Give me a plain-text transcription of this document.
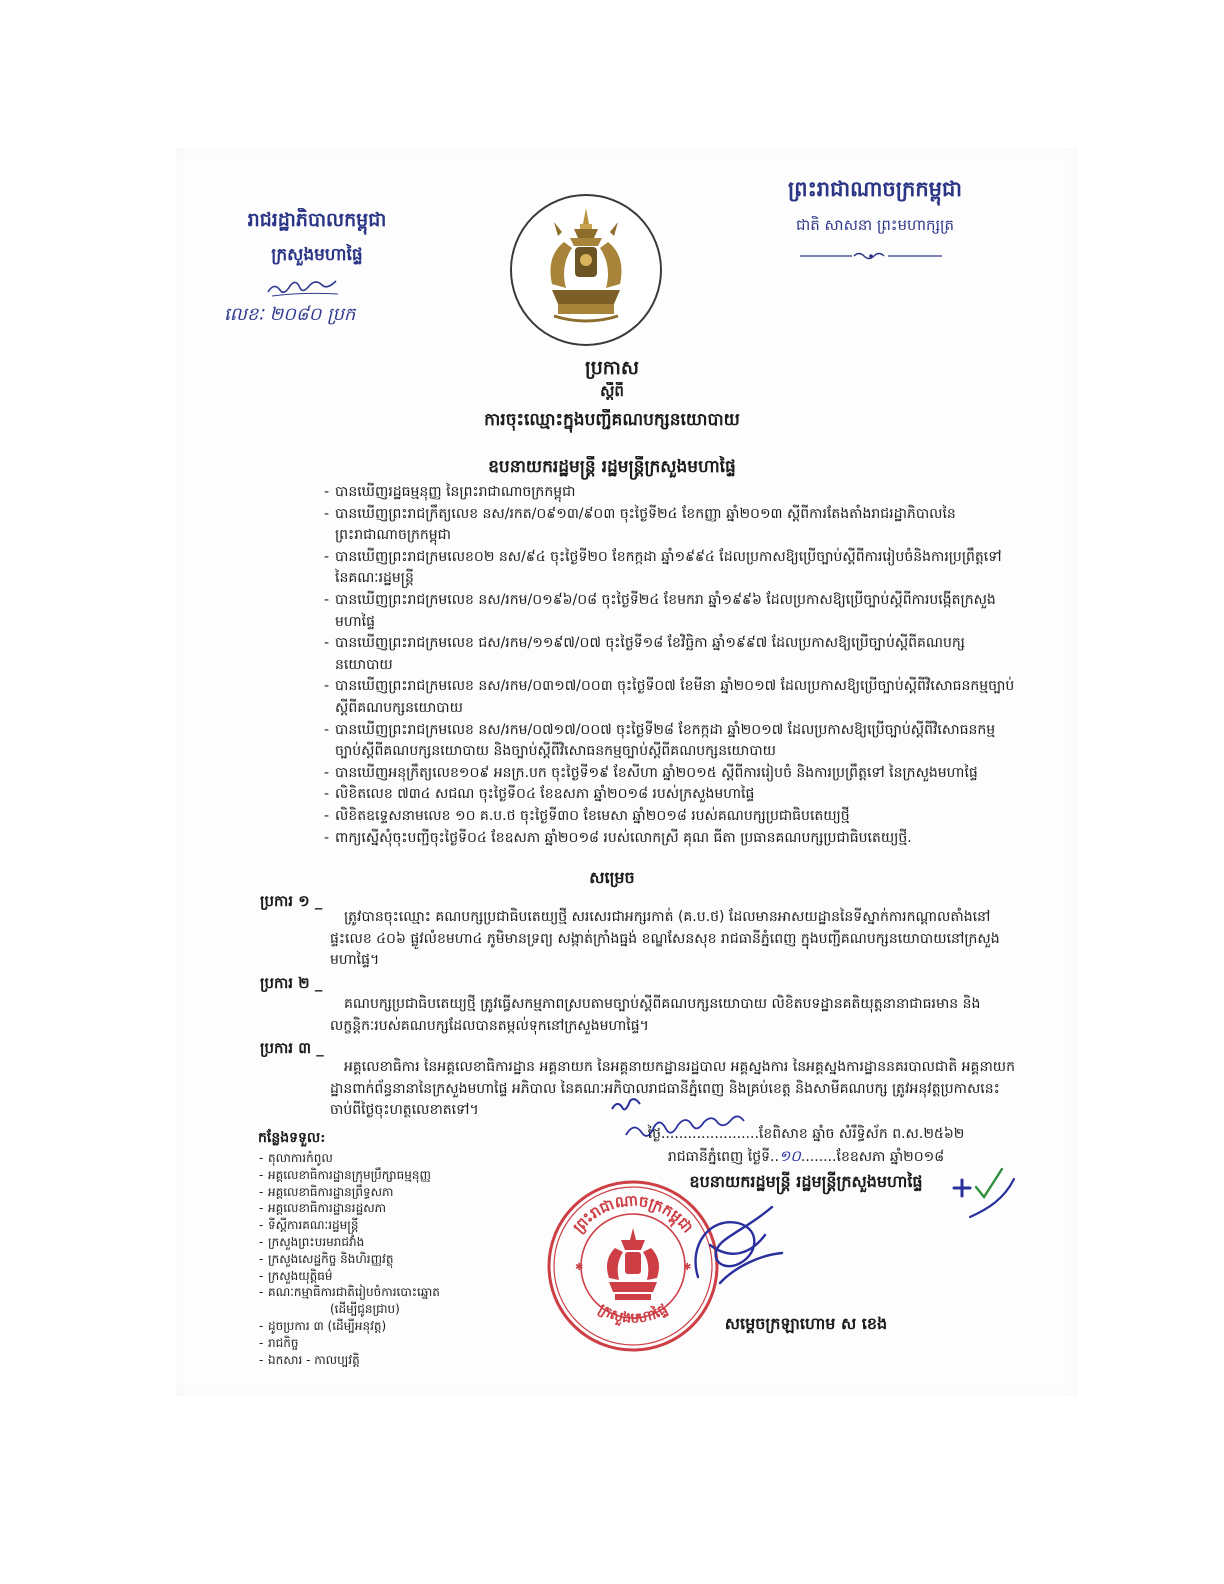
ព្រះរាជាណាចក្រកម្ពុជា
ជាតិ សាសនា ព្រះមហាក្សត្រ
រាជរដ្ឋាភិបាលកម្ពុជា
ក្រសួងមហាផ្ទៃ
លេខៈ ២០៨០ ប្រក
ប្រកាស
ស្តីពី
ការចុះឈ្មោះក្នុងបញ្ជីគណបក្សនយោបាយ
ឧបនាយករដ្ឋមន្ត្រី រដ្ឋមន្ត្រីក្រសួងមហាផ្ទៃ
- បានឃើញរដ្ឋធម្មនុញ្ញ នៃព្រះរាជាណាចក្រកម្ពុជា
- បានឃើញព្រះរាជក្រឹត្យលេខ នស/រកត/០៩១៣/៩០៣ ចុះថ្ងៃទី២៤ ខែកញ្ញា ឆ្នាំ២០១៣ ស្តីពីការតែងតាំងរាជរដ្ឋាភិបាលនៃព្រះរាជាណាចក្រកម្ពុជា
- បានឃើញព្រះរាជក្រមលេខ០២ នស/៩៤ ចុះថ្ងៃទី២០ ខែកក្កដា ឆ្នាំ១៩៩៤ ដែលប្រកាសឱ្យប្រើច្បាប់ស្តីពីការរៀបចំនិងការប្រព្រឹត្តទៅ នៃគណៈរដ្ឋមន្ត្រី
- បានឃើញព្រះរាជក្រមលេខ នស/រកម/០១៩៦/០៨ ចុះថ្ងៃទី២៤ ខែមករា ឆ្នាំ១៩៩៦ ដែលប្រកាសឱ្យប្រើច្បាប់ស្តីពីការបង្កើតក្រសួងមហាផ្ទៃ
- បានឃើញព្រះរាជក្រមលេខ ជស/រកម/១១៩៧/០៧ ចុះថ្ងៃទី១៨ ខែវិច្ឆិកា ឆ្នាំ១៩៩៧ ដែលប្រកាសឱ្យប្រើច្បាប់ស្តីពីគណបក្សនយោបាយ
- បានឃើញព្រះរាជក្រមលេខ នស/រកម/០៣១៧/០០៣ ចុះថ្ងៃទី០៧ ខែមីនា ឆ្នាំ២០១៧ ដែលប្រកាសឱ្យប្រើច្បាប់ស្តីពីវិសោធនកម្មច្បាប់ស្តីពីគណបក្សនយោបាយ
- បានឃើញព្រះរាជក្រមលេខ នស/រកម/០៧១៧/០០៧ ចុះថ្ងៃទី២៨ ខែកក្កដា ឆ្នាំ២០១៧ ដែលប្រកាសឱ្យប្រើច្បាប់ស្តីពីវិសោធនកម្មច្បាប់ស្តីពីគណបក្សនយោបាយ និងច្បាប់ស្តីពីវិសោធនកម្មច្បាប់ស្តីពីគណបក្សនយោបាយ
- បានឃើញអនុក្រឹត្យលេខ១០៩ អនក្រ.បក ចុះថ្ងៃទី១៩ ខែសីហា ឆ្នាំ២០១៥ ស្តីពីការរៀបចំ និងការប្រព្រឹត្តទៅ នៃក្រសួងមហាផ្ទៃ
- លិខិតលេខ ៧៣៤ សជណ ចុះថ្ងៃទី០៤ ខែឧសភា ឆ្នាំ២០១៨ របស់ក្រសួងមហាផ្ទៃ
- លិខិតឧទ្ទេសនាមលេខ ១០ គ.ប.ថ ចុះថ្ងៃទី៣០ ខែមេសា ឆ្នាំ២០១៨ របស់គណបក្សប្រជាធិបតេយ្យថ្មី
- ពាក្យស្នើសុំចុះបញ្ជីចុះថ្ងៃទី០៤ ខែឧសភា ឆ្នាំ២០១៨ របស់លោកស្រី គុណ ធីតា ប្រធានគណបក្សប្រជាធិបតេយ្យថ្មី.
សម្រេច
ប្រការ ១ _
ត្រូវបានចុះឈ្មោះ គណបក្សប្រជាធិបតេយ្យថ្មី សរសេរជាអក្សរកាត់ (គ.ប.ថ) ដែលមានអាសយដ្ឋាននៃទីស្នាក់ការកណ្តាលតាំងនៅផ្ទះលេខ ៤០៦ ផ្លូវលំខមហា៤ ភូមិមានទ្រព្យ សង្កាត់ក្រាំងធ្នង់ ខណ្ឌសែនសុខ រាជធានីភ្នំពេញ ក្នុងបញ្ជីគណបក្សនយោបាយនៅក្រសួងមហាផ្ទៃ។
ប្រការ ២ _
គណបក្សប្រជាធិបតេយ្យថ្មី ត្រូវធ្វើសកម្មភាពស្របតាមច្បាប់ស្តីពីគណបក្សនយោបាយ លិខិតបទដ្ឋានគតិយុត្តនានាជាធរមាន និងលក្ខន្តិកៈរបស់គណបក្សដែលបានតម្កល់ទុកនៅក្រសួងមហាផ្ទៃ។
ប្រការ ៣ _
អគ្គលេខាធិការ នៃអគ្គលេខាធិការដ្ឋាន អគ្គនាយក នៃអគ្គនាយកដ្ឋានរដ្ឋបាល អគ្គស្នងការ នៃអគ្គស្នងការដ្ឋាននគរបាលជាតិ អគ្គនាយកដ្ឋានពាក់ព័ន្ធនានានៃក្រសួងមហាផ្ទៃ អភិបាល នៃគណៈអភិបាលរាជធានីភ្នំពេញ និងគ្រប់ខេត្ត និងសាមីគណបក្ស ត្រូវអនុវត្តប្រកាសនេះចាប់ពីថ្ងៃចុះហត្ថលេខាតទៅ។
ថ្ងៃ......................ខែពិសាខ ឆ្នាំច សំរឹទ្ធិស័ក ព.ស.២៥៦២
រាជធានីភ្នំពេញ ថ្ងៃទី..១០........ខែឧសភា ឆ្នាំ២០១៨
ឧបនាយករដ្ឋមន្ត្រី រដ្ឋមន្ត្រីក្រសួងមហាផ្ទៃ
សម្តេចក្រឡាហោម ស ខេង
ព្រះរាជាណាចក្រកម្ពុជា
ក្រសួងមហាផ្ទៃ
✱	✱
កន្លែងទទួល:
- តុលាការកំពូល
- អគ្គលេខាធិការដ្ឋានក្រុមប្រឹក្សាធម្មនុញ្ញ
- អគ្គលេខាធិការដ្ឋានព្រឹទ្ធសភា
- អគ្គលេខាធិការដ្ឋានរដ្ឋសភា
- ទីស្តីការគណៈរដ្ឋមន្ត្រី
- ក្រសួងព្រះបរមរាជវាំង
- ក្រសួងសេដ្ឋកិច្ច និងហិរញ្ញវត្ថុ
- ក្រសួងយុត្តិធម៌
- គណៈកម្មាធិការជាតិរៀបចំការបោះឆ្នោត
(ដើម្បីជូនជ្រាប)
- ដូចប្រការ ៣ (ដើម្បីអនុវត្ត)
- រាជកិច្ច
- ឯកសារ - កាលប្បវត្តិ
